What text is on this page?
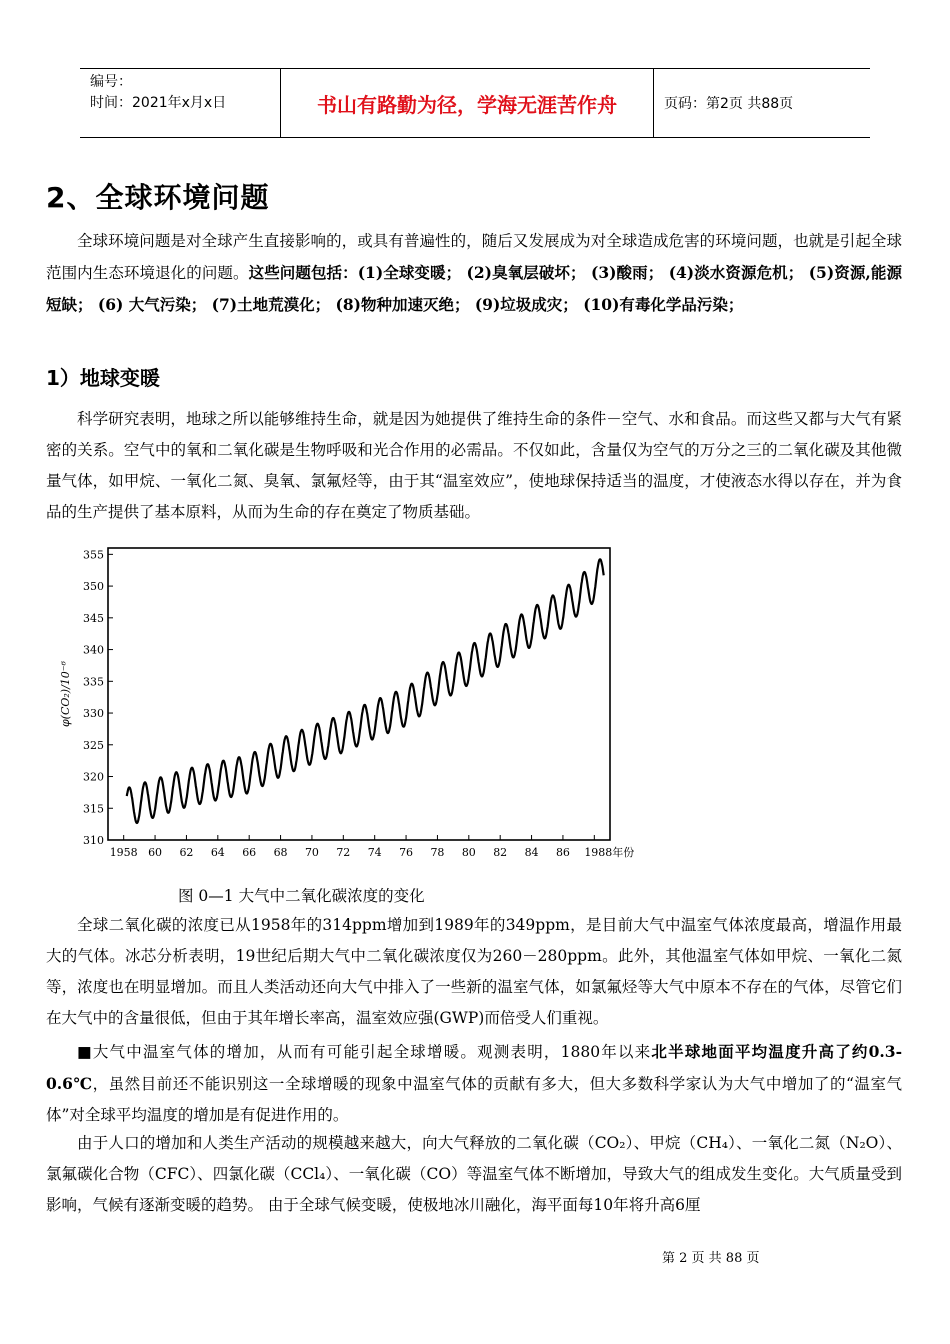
编号：
时间：2021年x月x日	书山有路勤为径，学海无涯苦作舟	页码：第2页 共88页
2、全球环境问题

全球环境问题是对全球产生直接影响的，或具有普遍性的，随后又发展成为对全球造成危害的环境问题，也就是引起全球范围内生态环境退化的问题。这些问题包括：(1)全球变暖； (2)臭氧层破坏； (3)酸雨； (4)淡水资源危机； (5)资源,能源短缺； (6) 大气污染； (7)土地荒漠化； (8)物种加速灭绝； (9)垃圾成灾； (10)有毒化学品污染；

1）地球变暖

科学研究表明，地球之所以能够维持生命，就是因为她提供了维持生命的条件－空气、水和食品。而这些又都与大气有紧密的关系。空气中的氧和二氧化碳是生物呼吸和光合作用的必需品。不仅如此，含量仅为空气的万分之三的二氧化碳及其他微量气体，如甲烷、一氧化二氮、臭氧、氯氟烃等，由于其“温室效应”，使地球保持适当的温度，才使液态水得以存在，并为食品的生产提供了基本原料，从而为生命的存在奠定了物质基础。

310
315
320
325
330
335
340
345
350
355
1958 60 62 64 66 68 70 72 74 76 78 80 82 84 86 1988年份
φ(CO₂)/10⁻⁶
图 0—1 大气中二氧化碳浓度的变化

全球二氧化碳的浓度已从1958年的314ppm增加到1989年的349ppm，是目前大气中温室气体浓度最高，增温作用最大的气体。冰芯分析表明，19世纪后期大气中二氧化碳浓度仅为260－280ppm。此外，其他温室气体如甲烷、一氧化二氮等，浓度也在明显增加。而且人类活动还向大气中排入了一些新的温室气体，如氯氟烃等大气中原本不存在的气体，尽管它们在大气中的含量很低，但由于其年增长率高，温室效应强(GWP)而倍受人们重视。

■大气中温室气体的增加，从而有可能引起全球增暖。观测表明，1880年以来北半球地面平均温度升高了约0.3-0.6℃，虽然目前还不能识别这一全球增暖的现象中温室气体的贡献有多大，但大多数科学家认为大气中增加了的“温室气体”对全球平均温度的增加是有促进作用的。

由于人口的增加和人类生产活动的规模越来越大，向大气释放的二氧化碳（CO₂）、甲烷（CH₄）、一氧化二氮（N₂O）、氯氟碳化合物（CFC）、四氯化碳（CCl₄）、一氧化碳（CO）等温室气体不断增加，导致大气的组成发生变化。大气质量受到影响，气候有逐渐变暖的趋势。 由于全球气候变暖，使极地冰川融化，海平面每10年将升高6厘

第 2 页 共 88 页
